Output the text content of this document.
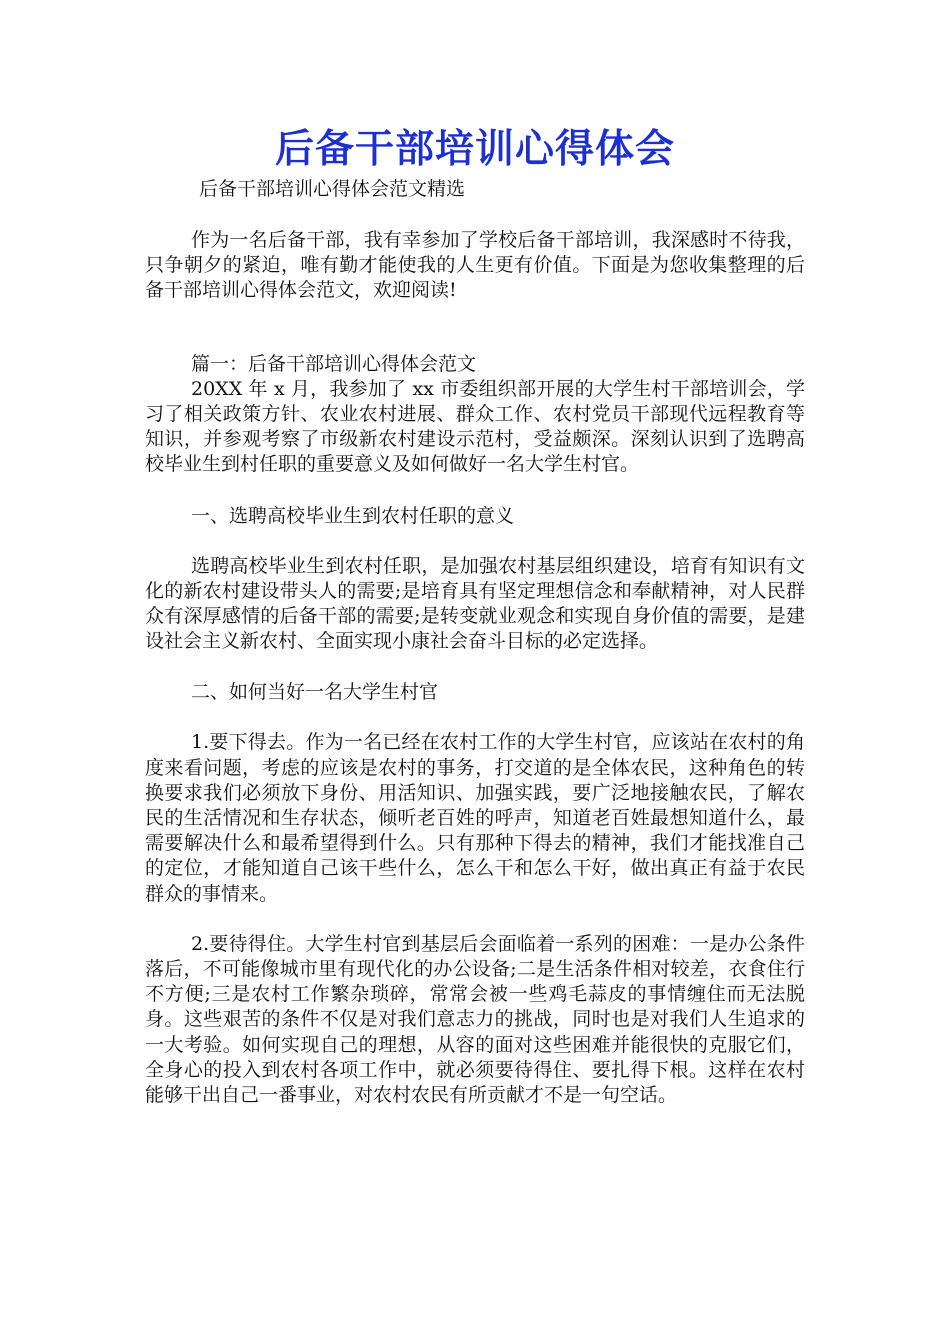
后备干部培训心得体会

后备干部培训心得体会范文精选

作为一名后备干部，我有幸参加了学校后备干部培训，我深感时不待我，只争朝夕的紧迫，唯有勤才能使我的人生更有价值。下面是为您收集整理的后备干部培训心得体会范文，欢迎阅读!

篇一：后备干部培训心得体会范文

20XX 年 x 月，我参加了 xx 市委组织部开展的大学生村干部培训会，学习了相关政策方针、农业农村进展、群众工作、农村党员干部现代远程教育等知识，并参观考察了市级新农村建设示范村，受益颇深。深刻认识到了选聘高校毕业生到村任职的重要意义及如何做好一名大学生村官。

一、选聘高校毕业生到农村任职的意义

选聘高校毕业生到农村任职，是加强农村基层组织建设，培育有知识有文化的新农村建设带头人的需要;是培育具有坚定理想信念和奉献精神，对人民群众有深厚感情的后备干部的需要;是转变就业观念和实现自身价值的需要，是建设社会主义新农村、全面实现小康社会奋斗目标的必定选择。

二、如何当好一名大学生村官

1.要下得去。作为一名已经在农村工作的大学生村官，应该站在农村的角度来看问题，考虑的应该是农村的事务，打交道的是全体农民，这种角色的转换要求我们必须放下身份、用活知识、加强实践，要广泛地接触农民，了解农民的生活情况和生存状态，倾听老百姓的呼声，知道老百姓最想知道什么，最需要解决什么和最希望得到什么。只有那种下得去的精神，我们才能找准自己的定位，才能知道自己该干些什么，怎么干和怎么干好，做出真正有益于农民群众的事情来。

2.要待得住。大学生村官到基层后会面临着一系列的困难：一是办公条件落后，不可能像城市里有现代化的办公设备;二是生活条件相对较差，衣食住行不方便;三是农村工作繁杂琐碎，常常会被一些鸡毛蒜皮的事情缠住而无法脱身。这些艰苦的条件不仅是对我们意志力的挑战，同时也是对我们人生追求的一大考验。如何实现自己的理想，从容的面对这些困难并能很快的克服它们，全身心的投入到农村各项工作中，就必须要待得住、要扎得下根。这样在农村能够干出自己一番事业，对农村农民有所贡献才不是一句空话。
